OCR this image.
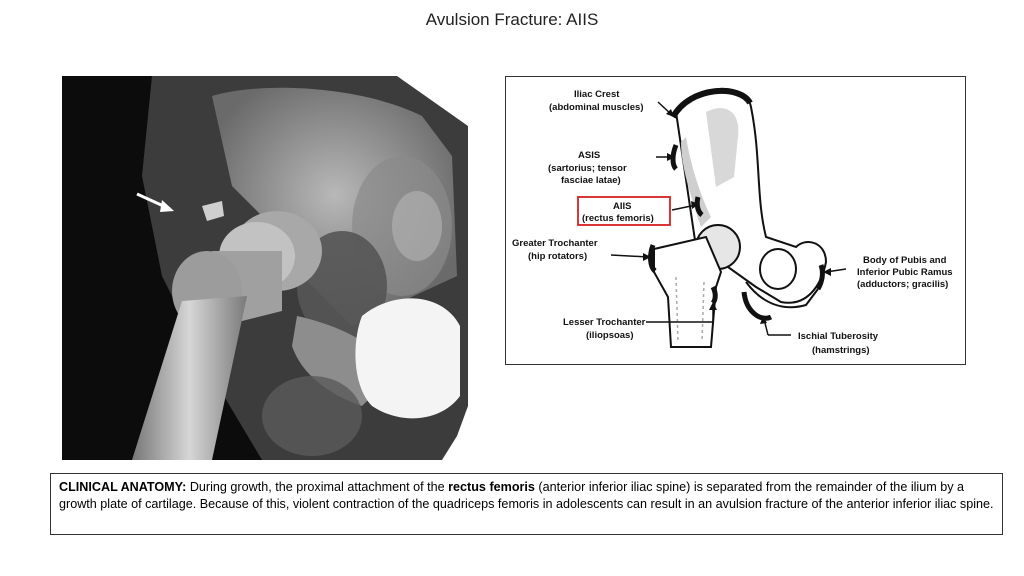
Avulsion Fracture: AIIS
Iliac Crest
(abdominal muscles)
ASIS
(sartorius; tensor
fasciae latae)
AIIS
(rectus femoris)
Greater Trochanter
(hip rotators)
Lesser Trochanter
(iliopsoas)
Body of Pubis and
Inferior Pubic Ramus
(adductors; gracilis)
Ischial Tuberosity
(hamstrings)
CLINICAL ANATOMY: During growth, the proximal attachment of the rectus femoris (anterior inferior iliac spine) is separated from the remainder of the ilium by a growth plate of cartilage. Because of this, violent contraction of the quadriceps femoris in adolescents can result in an avulsion fracture of the anterior inferior iliac spine.
